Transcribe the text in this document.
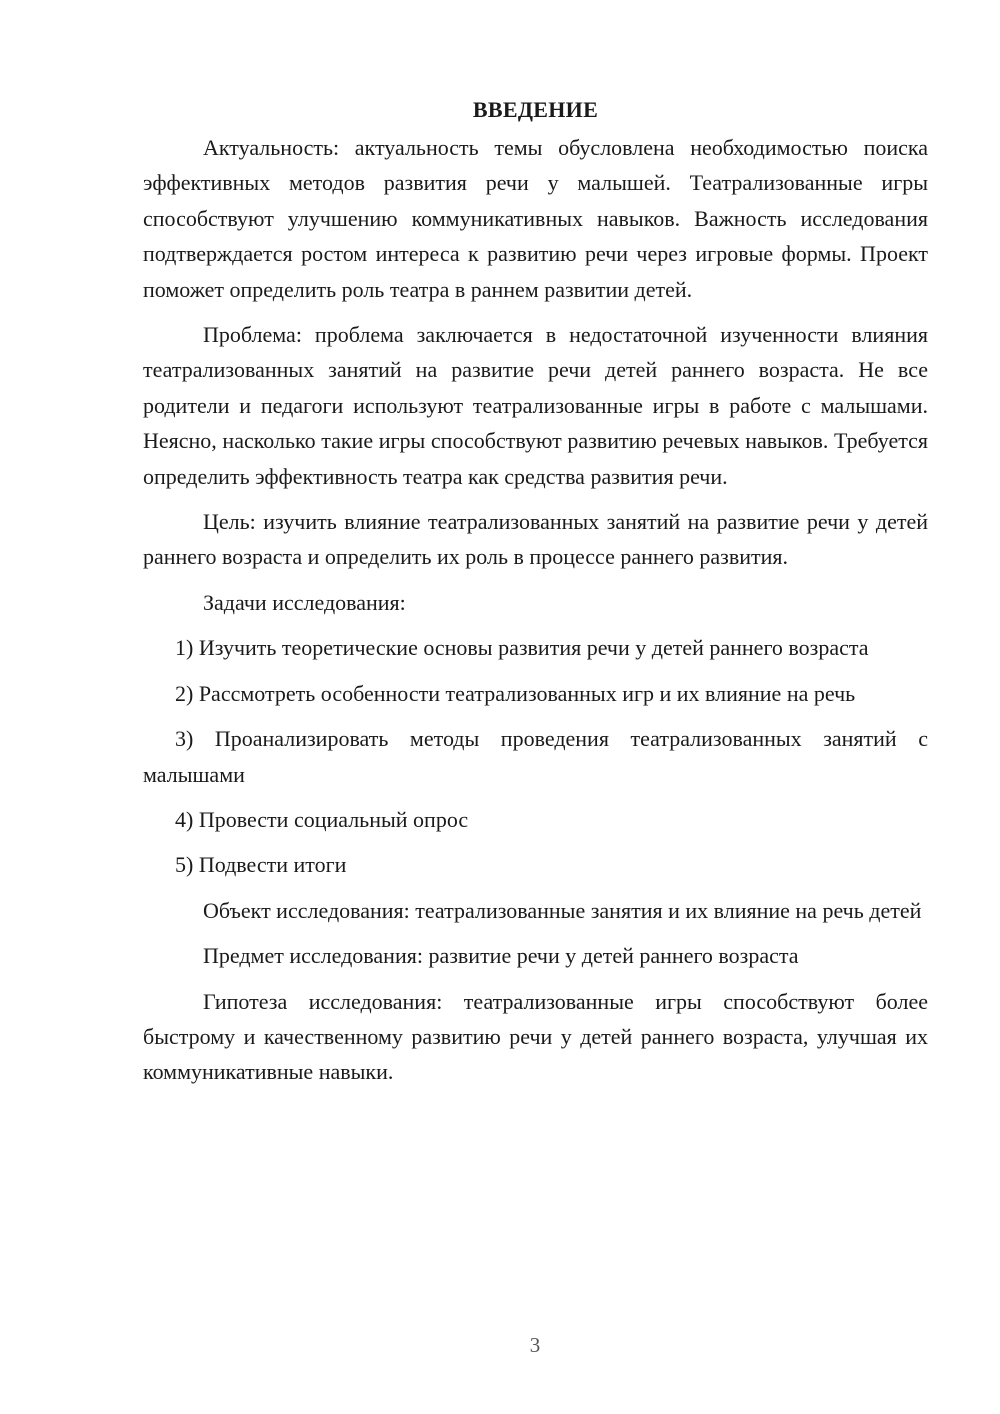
ВВЕДЕНИЕ

Актуальность: актуальность темы обусловлена необходимостью поиска эффективных методов развития речи у малышей. Театрализованные игры способствуют улучшению коммуникативных навыков. Важность исследования подтверждается ростом интереса к развитию речи через игровые формы. Проект поможет определить роль театра в раннем развитии детей.

Проблема: проблема заключается в недостаточной изученности влияния театрализованных занятий на развитие речи детей раннего возраста. Не все родители и педагоги используют театрализованные игры в работе с малышами. Неясно, насколько такие игры способствуют развитию речевых навыков. Требуется определить эффективность театра как средства развития речи.

Цель: изучить влияние театрализованных занятий на развитие речи у детей раннего возраста и определить их роль в процессе раннего развития.

Задачи исследования:

1) Изучить теоретические основы развития речи у детей раннего возраста

2) Рассмотреть особенности театрализованных игр и их влияние на речь

3) Проанализировать методы проведения театрализованных занятий с малышами

4) Провести социальный опрос

5) Подвести итоги

Объект исследования: театрализованные занятия и их влияние на речь детей

Предмет исследования: развитие речи у детей раннего возраста

Гипотеза исследования: театрализованные игры способствуют более быстрому и качественному развитию речи у детей раннего возраста, улучшая их коммуникативные навыки.

3
